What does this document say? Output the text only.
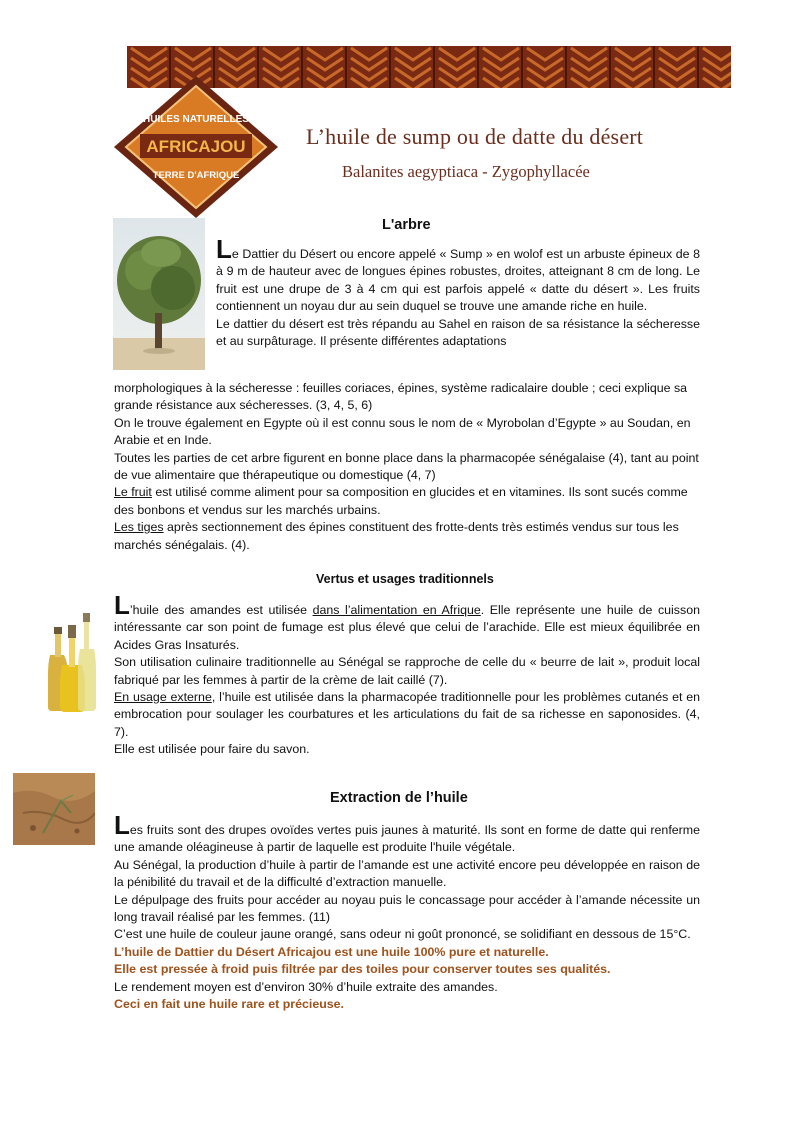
HUILES NATURELLES
AFRICAJOU
TERRE D'AFRIQUE
L’huile de sump ou de datte du désert
Balanites aegyptiaca - Zygophyllacée
L'arbre
Le Dattier du Désert ou encore appelé « Sump » en wolof est un arbuste épineux de 8 à 9 m de hauteur avec de longues épines robustes, droites, atteignant 8 cm de long. Le fruit est une drupe de 3 à 4 cm qui est parfois appelé « datte du désert ». Les fruits contiennent un noyau dur au sein duquel se trouve une amande riche en huile.

Le dattier du désert est très répandu au Sahel en raison de sa résistance la sécheresse et au surpâturage. Il présente différentes adaptations

morphologiques à la sécheresse : feuilles coriaces, épines, système radicalaire double ; ceci explique sa grande résistance aux sécheresses. (3, 4, 5, 6)

On le trouve également en Egypte où il est connu sous le nom de « Myrobolan d’Egypte » au Soudan, en Arabie et en Inde.

Toutes les parties de cet arbre figurent en bonne place dans la pharmacopée sénégalaise (4), tant au point de vue alimentaire que thérapeutique ou domestique (4, 7)

Le fruit est utilisé comme aliment pour sa composition en glucides et en vitamines. Ils sont sucés comme des bonbons et vendus sur les marchés urbains.

Les tiges après sectionnement des épines constituent des frotte-dents très estimés vendus sur tous les marchés sénégalais. (4).

Vertus et usages traditionnels

L’huile des amandes est utilisée dans l’alimentation en Afrique. Elle représente une huile de cuisson intéressante car son point de fumage est plus élevé que celui de l’arachide. Elle est mieux équilibrée en Acides Gras Insaturés.

Son utilisation culinaire traditionnelle au Sénégal se rapproche de celle du « beurre de lait », produit local fabriqué par les femmes à partir de la crème de lait caillé (7).

En usage externe, l’huile est utilisée dans la pharmacopée traditionnelle pour les problèmes cutanés et en embrocation pour soulager les courbatures et les articulations du fait de sa richesse en saponosides. (4, 7).

Elle est utilisée pour faire du savon.

Extraction de l’huile

Les fruits sont des drupes ovoïdes vertes puis jaunes à maturité. Ils sont en forme de datte qui renferme une amande oléagineuse à partir de laquelle est produite l'huile végétale.

Au Sénégal, la production d’huile à partir de l’amande est une activité encore peu développée en raison de la pénibilité du travail et de la difficulté d’extraction manuelle.

Le dépulpage des fruits pour accéder au noyau puis le concassage pour accéder à l’amande nécessite un long travail réalisé par les femmes. (11)

C’est une huile de couleur jaune orangé, sans odeur ni goût prononcé, se solidifiant en dessous de 15°C.

L’huile de Dattier du Désert Africajou est une huile 100% pure et naturelle.

Elle est pressée à froid puis filtrée par des toiles pour conserver toutes ses qualités.

Le rendement moyen est d’environ 30% d’huile extraite des amandes.

Ceci en fait une huile rare et précieuse.
